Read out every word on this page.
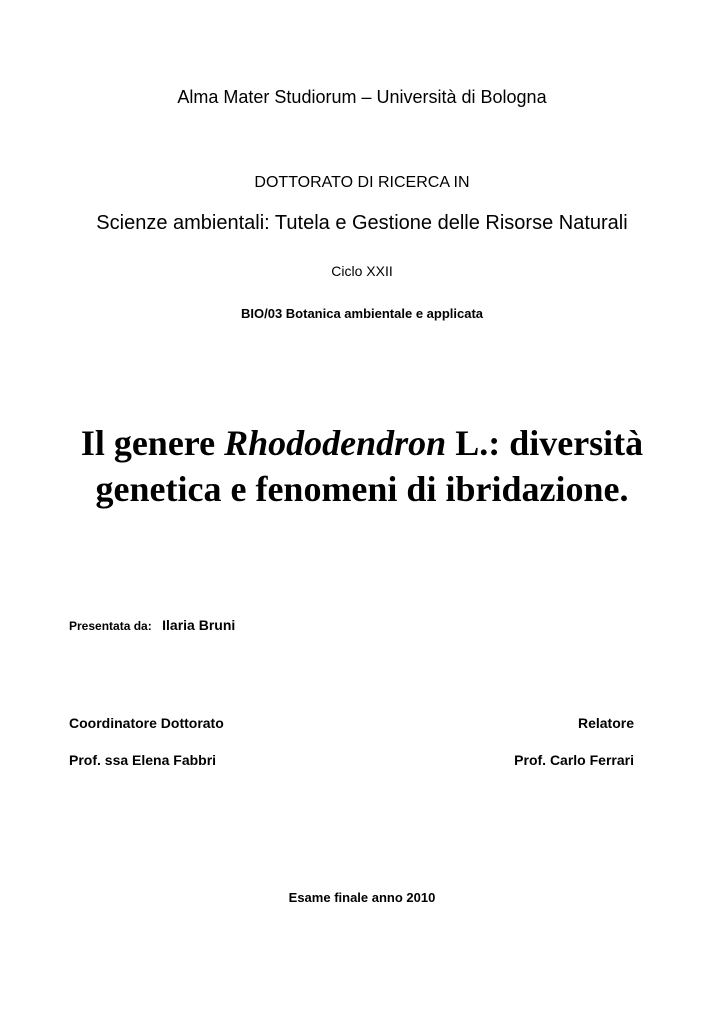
Alma Mater Studiorum – Università di Bologna
DOTTORATO DI RICERCA IN
Scienze ambientali: Tutela e Gestione delle Risorse Naturali
Ciclo XXII
BIO/03 Botanica ambientale e applicata
Il genere Rhododendron L.: diversità
genetica e fenomeni di ibridazione.
Presentata da: Ilaria Bruni
Coordinatore Dottorato	Relatore
Prof. ssa Elena Fabbri	Prof. Carlo Ferrari
Esame finale anno 2010
